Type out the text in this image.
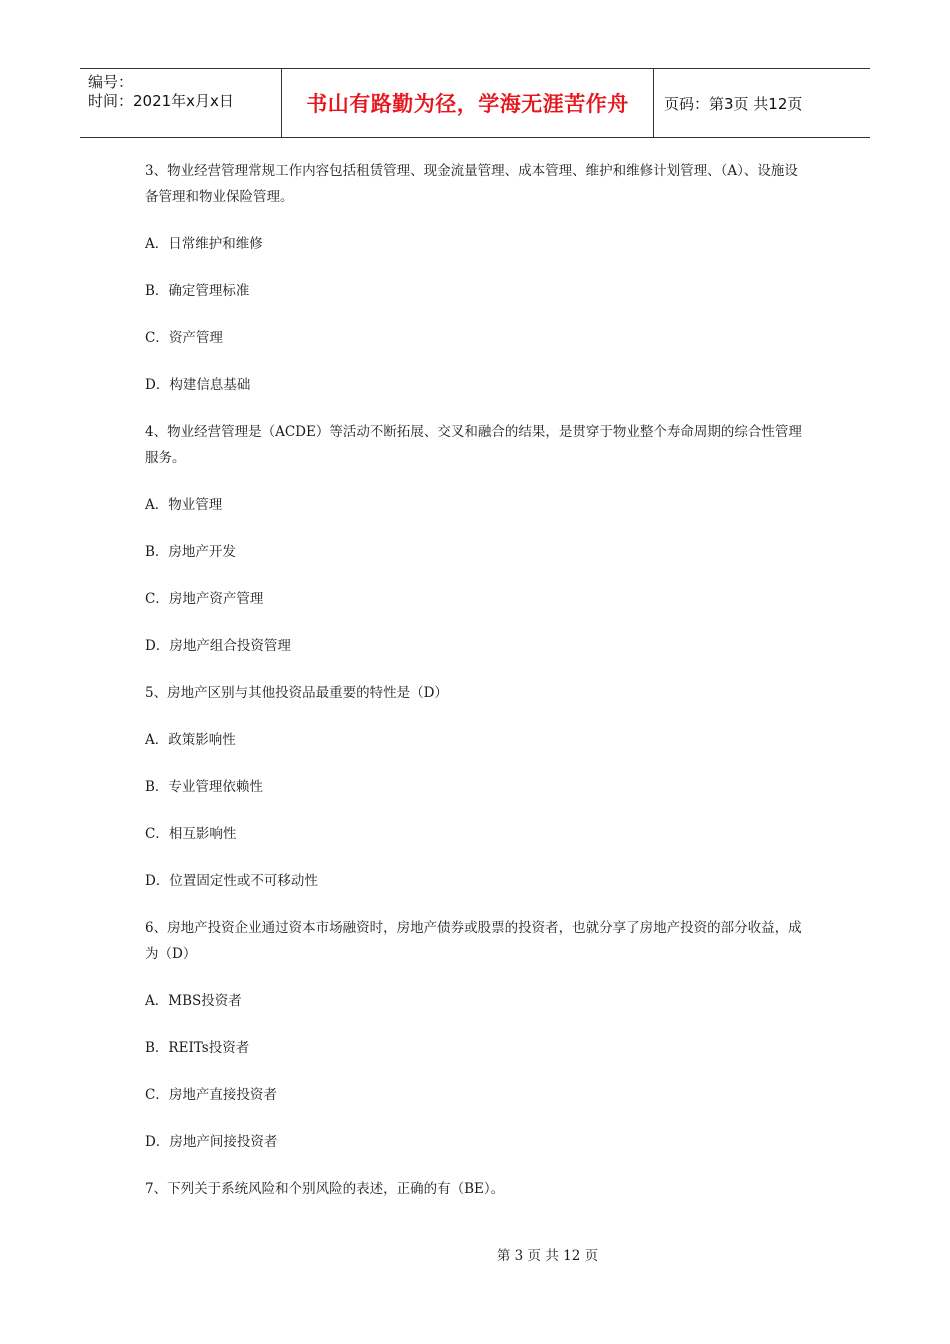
编号：
时间：2021年x月x日	书山有路勤为径，学海无涯苦作舟	页码：第3页 共12页

3、物业经营管理常规工作内容包括租赁管理、现金流量管理、成本管理、维护和维修计划管理、（A）、设施设备管理和物业保险管理。

A．日常维护和维修

B．确定管理标准

C．资产管理

D．构建信息基础

4、物业经营管理是（ACDE）等活动不断拓展、交叉和融合的结果，是贯穿于物业整个寿命周期的综合性管理服务。

A．物业管理

B．房地产开发

C．房地产资产管理

D．房地产组合投资管理

5、房地产区别与其他投资品最重要的特性是（D）

A．政策影响性

B．专业管理依赖性

C．相互影响性

D．位置固定性或不可移动性

6、房地产投资企业通过资本市场融资时，房地产债券或股票的投资者，也就分享了房地产投资的部分收益，成为（D）

A．MBS投资者

B．REITs投资者

C．房地产直接投资者

D．房地产间接投资者

7、下列关于系统风险和个别风险的表述，正确的有（BE）。

第 3 页 共 12 页
